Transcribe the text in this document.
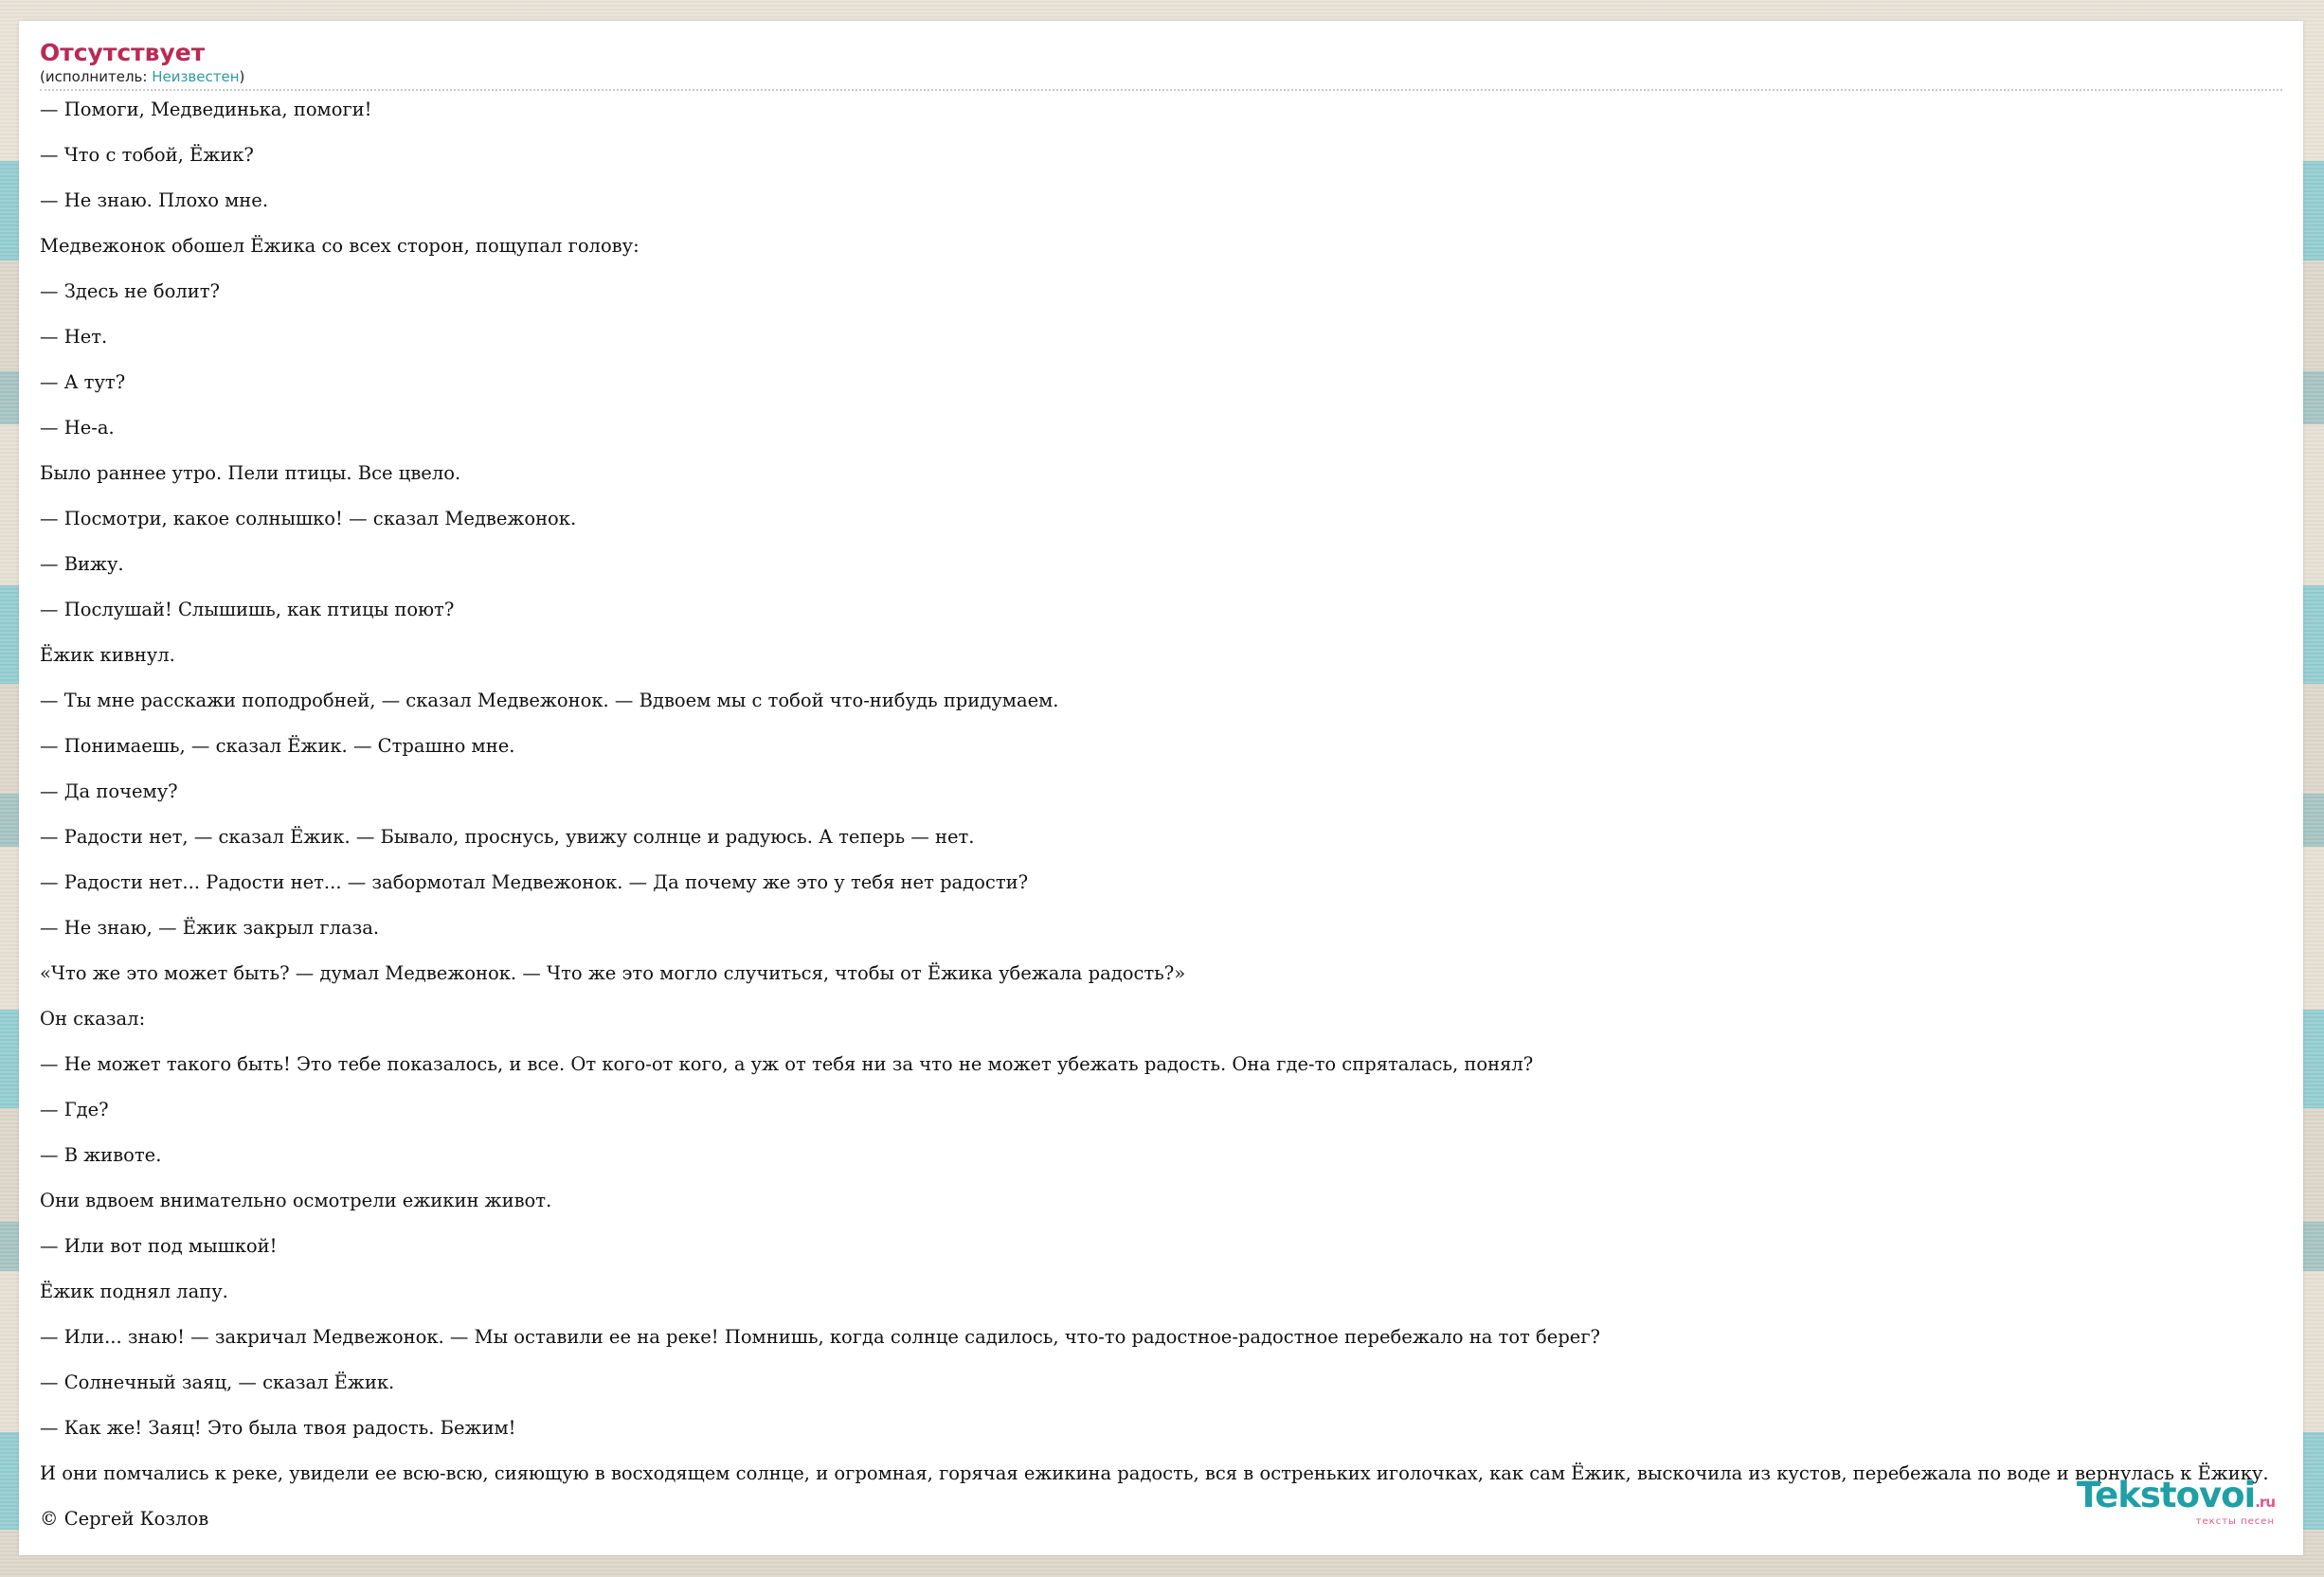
Отсутствует
(исполнитель: Неизвестен)

— Помоги, Медвединька, помоги!

— Что с тобой, Ёжик?

— Не знаю. Плохо мне.

Медвежонок обошел Ёжика со всех сторон, пощупал голову:

— Здесь не болит?

— Нет.

— А тут?

— Не-а.

Было раннее утро. Пели птицы. Все цвело.

— Посмотри, какое солнышко! — сказал Медвежонок.

— Вижу.

— Послушай! Слышишь, как птицы поют?

Ёжик кивнул.

— Ты мне расскажи поподробней, — сказал Медвежонок. — Вдвоем мы с тобой что-нибудь придумаем.

— Понимаешь, — сказал Ёжик. — Страшно мне.

— Да почему?

— Радости нет, — сказал Ёжик. — Бывало, проснусь, увижу солнце и радуюсь. А теперь — нет.

— Радости нет... Радости нет... — забормотал Медвежонок. — Да почему же это у тебя нет радости?

— Не знаю, — Ёжик закрыл глаза.

«Что же это может быть? — думал Медвежонок. — Что же это могло случиться, чтобы от Ёжика убежала радость?»

Он сказал:

— Не может такого быть! Это тебе показалось, и все. От кого-от кого, а уж от тебя ни за что не может убежать радость. Она где-то спряталась, понял?

— Где?

— В животе.

Они вдвоем внимательно осмотрели ежикин живот.

— Или вот под мышкой!

Ёжик поднял лапу.

— Или... знаю! — закричал Медвежонок. — Мы оставили ее на реке! Помнишь, когда солнце садилось, что-то радостное-радостное перебежало на тот берег?

— Солнечный заяц, — сказал Ёжик.

— Как же! Заяц! Это была твоя радость. Бежим!

И они помчались к реке, увидели ее всю-всю, сияющую в восходящем солнце, и огромная, горячая ежикина радость, вся в остреньких иголочках, как сам Ёжик, выскочила из кустов, перебежала по воде и вернулась к Ёжику.

© Сергей Козлов

Tekstovoi.ru
тексты песен
